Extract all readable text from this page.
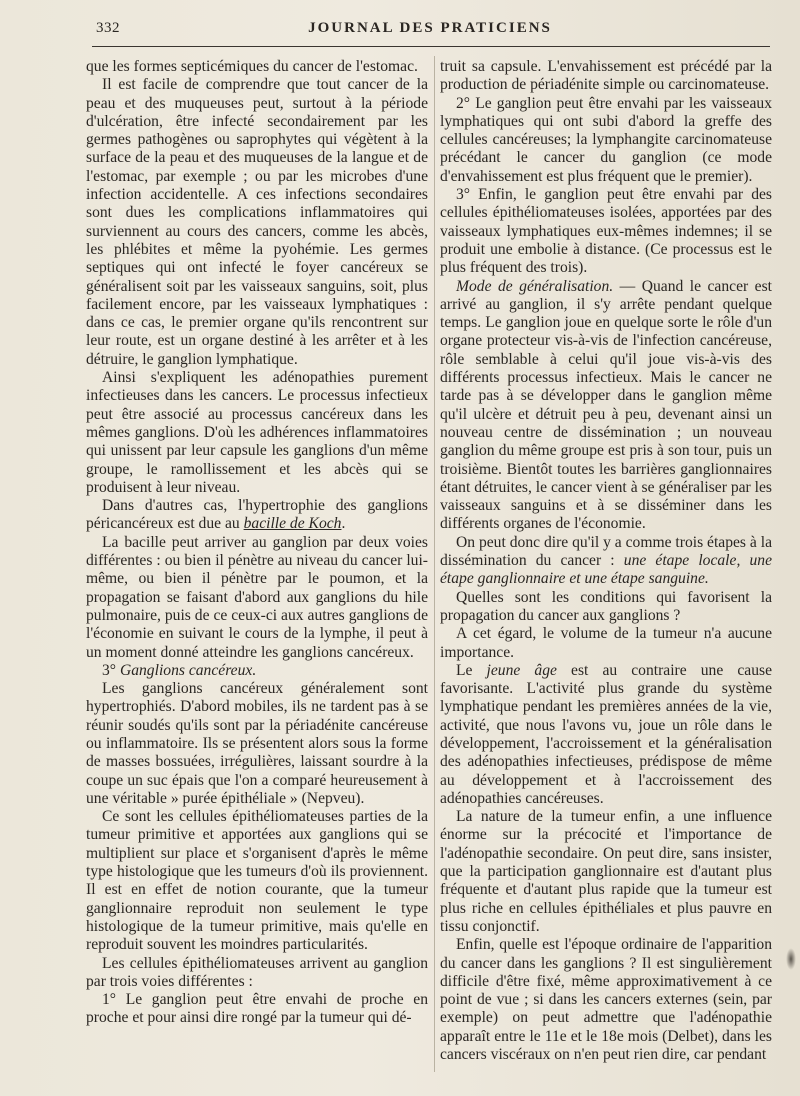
332	JOURNAL DES PRATICIENS

que les formes septicémiques du cancer de l'estomac.

Il est facile de comprendre que tout cancer de la peau et des muqueuses peut, surtout à la période d'ulcération, être infecté secondairement par les germes pathogènes ou saprophytes qui végètent à la surface de la peau et des muqueuses de la langue et de l'estomac, par exemple ; ou par les microbes d'une infection accidentelle. A ces infections secondaires sont dues les complications inflammatoires qui surviennent au cours des cancers, comme les abcès, les phlébites et même la pyohémie. Les germes septiques qui ont infecté le foyer cancéreux se généralisent soit par les vaisseaux sanguins, soit, plus facilement encore, par les vaisseaux lymphatiques : dans ce cas, le premier organe qu'ils rencontrent sur leur route, est un organe destiné à les arrêter et à les détruire, le ganglion lymphatique.

Ainsi s'expliquent les adénopathies purement infectieuses dans les cancers. Le processus infectieux peut être associé au processus cancéreux dans les mêmes ganglions. D'où les adhérences inflammatoires qui unissent par leur capsule les ganglions d'un même groupe, le ramollissement et les abcès qui se produisent à leur niveau.

Dans d'autres cas, l'hypertrophie des ganglions péricancéreux est due au bacille de Koch.

La bacille peut arriver au ganglion par deux voies différentes : ou bien il pénètre au niveau du cancer lui-même, ou bien il pénètre par le poumon, et la propagation se faisant d'abord aux ganglions du hile pulmonaire, puis de ce ceux-ci aux autres ganglions de l'économie en suivant le cours de la lymphe, il peut à un moment donné atteindre les ganglions cancéreux.

3° Ganglions cancéreux.

Les ganglions cancéreux généralement sont hypertrophiés. D'abord mobiles, ils ne tardent pas à se réunir soudés qu'ils sont par la périadénite cancéreuse ou inflammatoire. Ils se présentent alors sous la forme de masses bossuées, irrégulières, laissant sourdre à la coupe un suc épais que l'on a comparé heureusement à une véritable » purée épithéliale » (Nepveu).

Ce sont les cellules épithéliomateuses parties de la tumeur primitive et apportées aux ganglions qui se multiplient sur place et s'organisent d'après le même type histologique que les tumeurs d'où ils proviennent. Il est en effet de notion courante, que la tumeur ganglionnaire reproduit non seulement le type histologique de la tumeur primitive, mais qu'elle en reproduit souvent les moindres particularités.

Les cellules épithéliomateuses arrivent au ganglion par trois voies différentes :

1° Le ganglion peut être envahi de proche en proche et pour ainsi dire rongé par la tumeur qui dé-

truit sa capsule. L'envahissement est précédé par la production de périadénite simple ou carcinomateuse.

2° Le ganglion peut être envahi par les vaisseaux lymphatiques qui ont subi d'abord la greffe des cellules cancéreuses; la lymphangite carcinomateuse précédant le cancer du ganglion (ce mode d'envahissement est plus fréquent que le premier).

3° Enfin, le ganglion peut être envahi par des cellules épithéliomateuses isolées, apportées par des vaisseaux lymphatiques eux-mêmes indemnes; il se produit une embolie à distance. (Ce processus est le plus fréquent des trois).

Mode de généralisation. — Quand le cancer est arrivé au ganglion, il s'y arrête pendant quelque temps. Le ganglion joue en quelque sorte le rôle d'un organe protecteur vis-à-vis de l'infection cancéreuse, rôle semblable à celui qu'il joue vis-à-vis des différents processus infectieux. Mais le cancer ne tarde pas à se développer dans le ganglion même qu'il ulcère et détruit peu à peu, devenant ainsi un nouveau centre de dissémination ; un nouveau ganglion du même groupe est pris à son tour, puis un troisième. Bientôt toutes les barrières ganglionnaires étant détruites, le cancer vient à se généraliser par les vaisseaux sanguins et à se disséminer dans les différents organes de l'économie.

On peut donc dire qu'il y a comme trois étapes à la dissémination du cancer : une étape locale, une étape ganglionnaire et une étape sanguine.

Quelles sont les conditions qui favorisent la propagation du cancer aux ganglions ?

A cet égard, le volume de la tumeur n'a aucune importance.

Le jeune âge est au contraire une cause favorisante. L'activité plus grande du système lymphatique pendant les premières années de la vie, activité, que nous l'avons vu, joue un rôle dans le développement, l'accroissement et la généralisation des adénopathies infectieuses, prédispose de même au développement et à l'accroissement des adénopathies cancéreuses.

La nature de la tumeur enfin, a une influence énorme sur la précocité et l'importance de l'adénopathie secondaire. On peut dire, sans insister, que la participation ganglionnaire est d'autant plus fréquente et d'autant plus rapide que la tumeur est plus riche en cellules épithéliales et plus pauvre en tissu conjonctif.

Enfin, quelle est l'époque ordinaire de l'apparition du cancer dans les ganglions ? Il est singulièrement difficile d'être fixé, même approximativement à ce point de vue ; si dans les cancers externes (sein, par exemple) on peut admettre que l'adénopathie apparaît entre le 11e et le 18e mois (Delbet), dans les cancers viscéraux on n'en peut rien dire, car pendant
